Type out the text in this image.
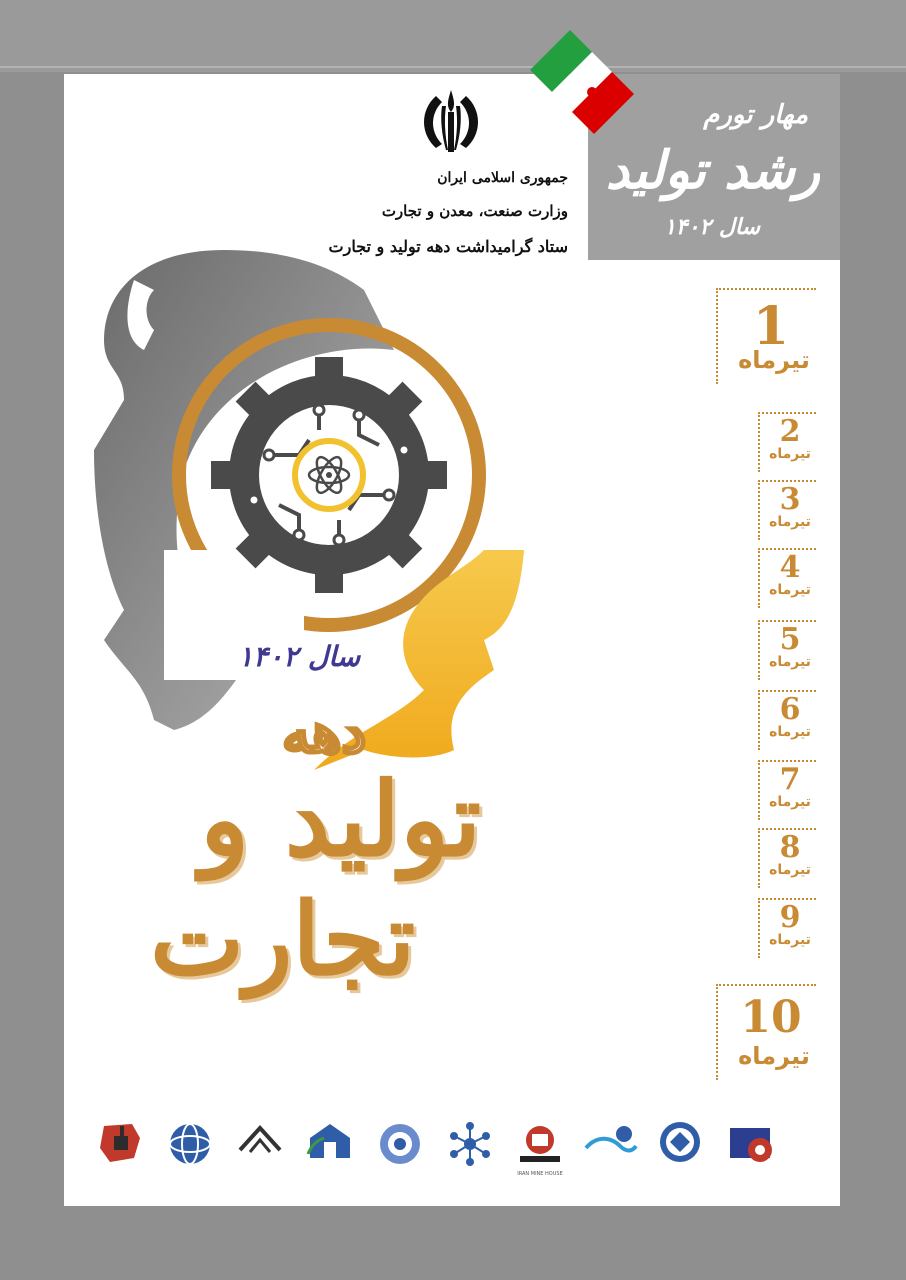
مهار تورم
رشد تولید
سال ۱۴۰۲
جمهوری اسلامی ایران
وزارت صنعت، معدن و تجارت
ستاد گرامیداشت دهه تولید و تجارت
سال ۱۴۰۲
دهه
تولید و
تجارت
1
تیرماه
2
تیرماه
3
تیرماه
4
تیرماه
5
تیرماه
6
تیرماه
7
تیرماه
8
تیرماه
9
تیرماه
10
تیرماه
IRAN MINE HOUSE
